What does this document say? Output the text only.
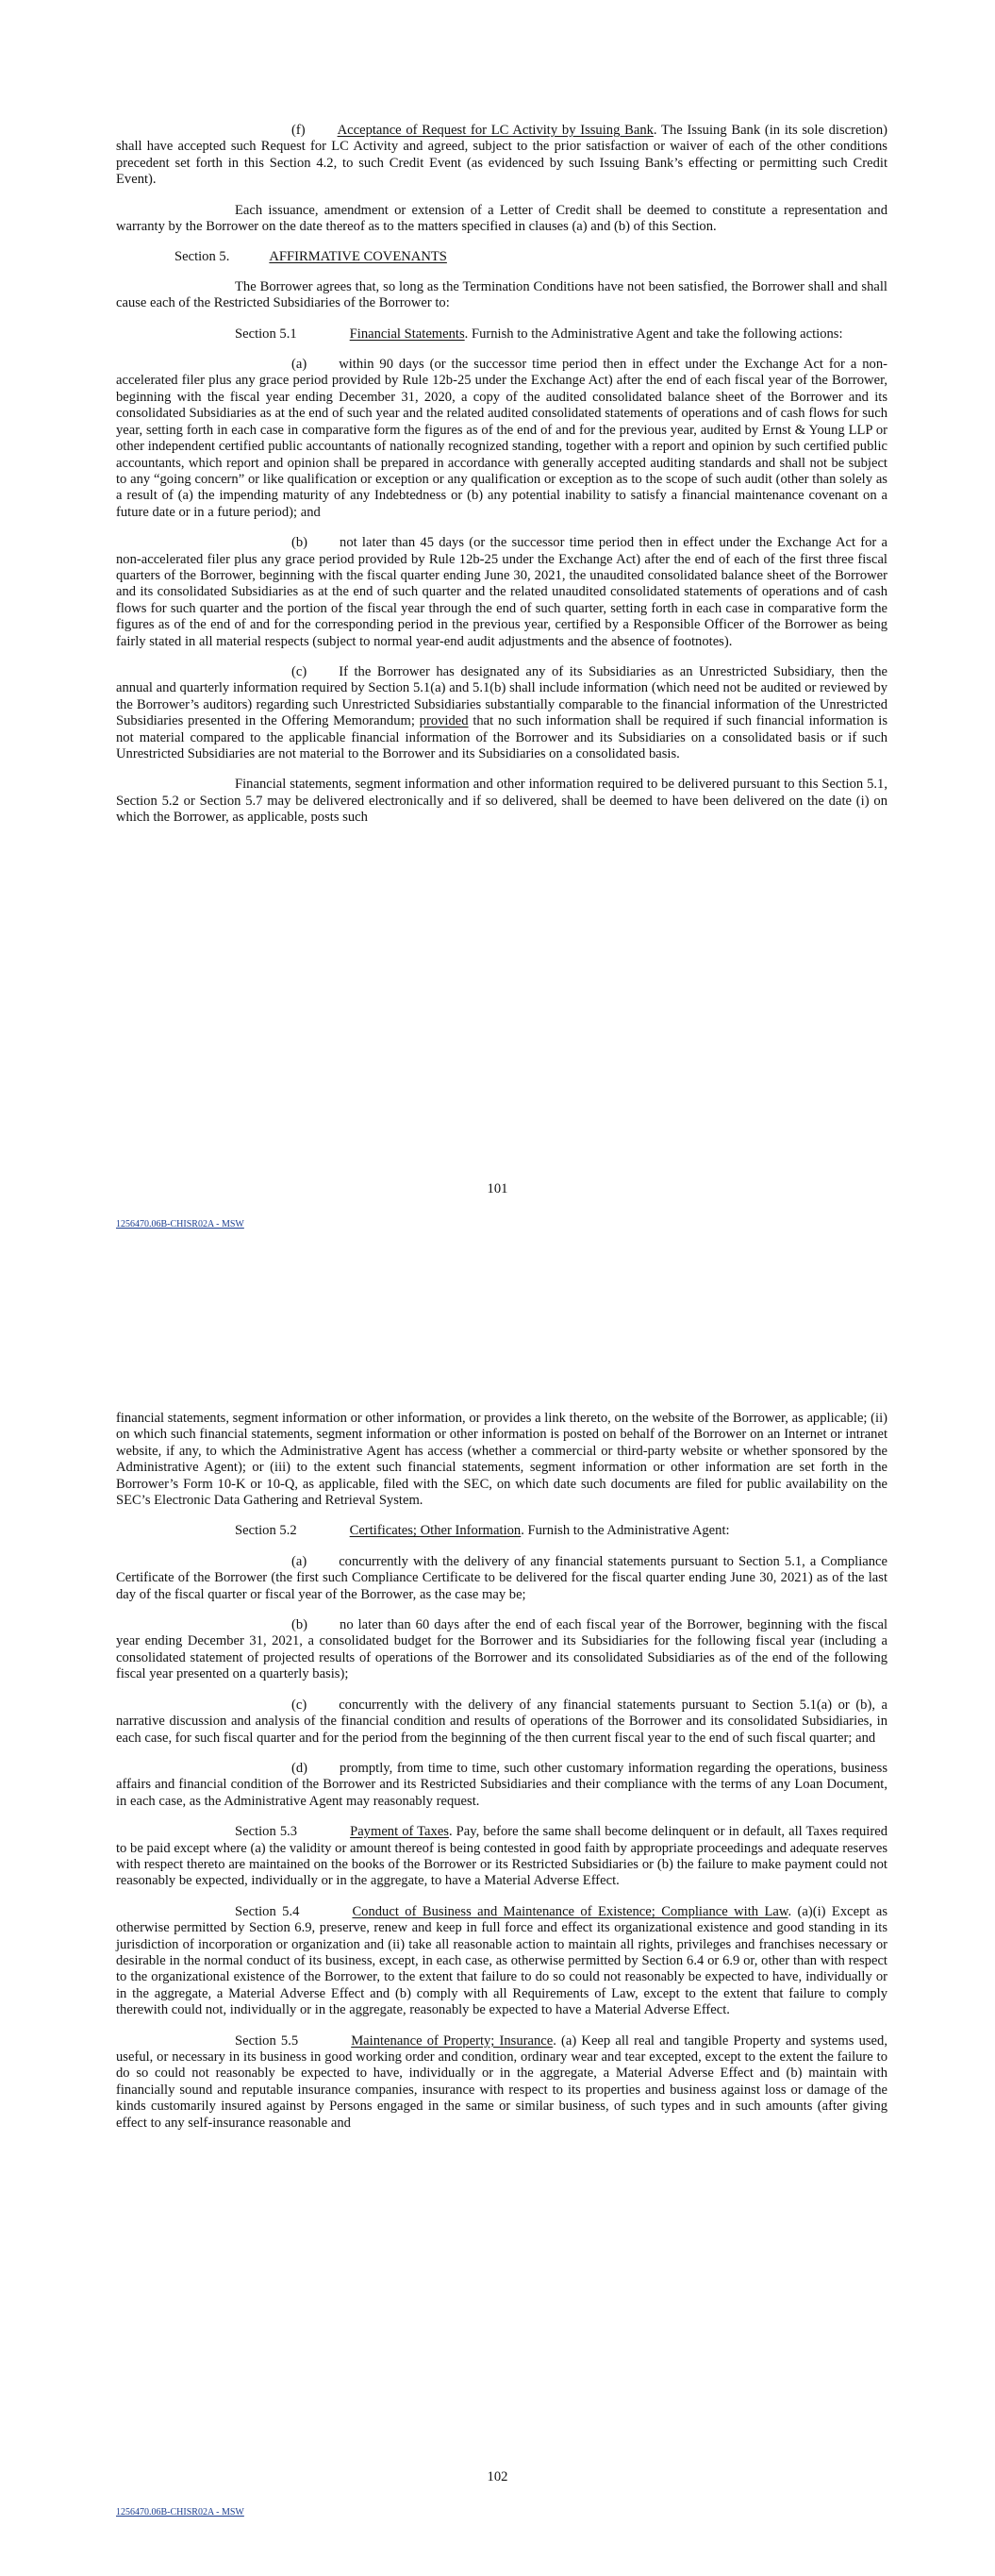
(f) Acceptance of Request for LC Activity by Issuing Bank. The Issuing Bank (in its sole discretion) shall have accepted such Request for LC Activity and agreed, subject to the prior satisfaction or waiver of each of the other conditions precedent set forth in this Section 4.2, to such Credit Event (as evidenced by such Issuing Bank’s effecting or permitting such Credit Event).

Each issuance, amendment or extension of a Letter of Credit shall be deemed to constitute a representation and warranty by the Borrower on the date thereof as to the matters specified in clauses (a) and (b) of this Section.

Section 5.	AFFIRMATIVE COVENANTS

The Borrower agrees that, so long as the Termination Conditions have not been satisfied, the Borrower shall and shall cause each of the Restricted Subsidiaries of the Borrower to:

Section 5.1	Financial Statements. Furnish to the Administrative Agent and take the following actions:

(a) within 90 days (or the successor time period then in effect under the Exchange Act for a non-accelerated filer plus any grace period provided by Rule 12b-25 under the Exchange Act) after the end of each fiscal year of the Borrower, beginning with the fiscal year ending December 31, 2020, a copy of the audited consolidated balance sheet of the Borrower and its consolidated Subsidiaries as at the end of such year and the related audited consolidated statements of operations and of cash flows for such year, setting forth in each case in comparative form the figures as of the end of and for the previous year, audited by Ernst & Young LLP or other independent certified public accountants of nationally recognized standing, together with a report and opinion by such certified public accountants, which report and opinion shall be prepared in accordance with generally accepted auditing standards and shall not be subject to any “going concern” or like qualification or exception or any qualification or exception as to the scope of such audit (other than solely as a result of (a) the impending maturity of any Indebtedness or (b) any potential inability to satisfy a financial maintenance covenant on a future date or in a future period); and

(b) not later than 45 days (or the successor time period then in effect under the Exchange Act for a non-accelerated filer plus any grace period provided by Rule 12b-25 under the Exchange Act) after the end of each of the first three fiscal quarters of the Borrower, beginning with the fiscal quarter ending June 30, 2021, the unaudited consolidated balance sheet of the Borrower and its consolidated Subsidiaries as at the end of such quarter and the related unaudited consolidated statements of operations and of cash flows for such quarter and the portion of the fiscal year through the end of such quarter, setting forth in each case in comparative form the figures as of the end of and for the corresponding period in the previous year, certified by a Responsible Officer of the Borrower as being fairly stated in all material respects (subject to normal year-end audit adjustments and the absence of footnotes).

(c) If the Borrower has designated any of its Subsidiaries as an Unrestricted Subsidiary, then the annual and quarterly information required by Section 5.1(a) and 5.1(b) shall include information (which need not be audited or reviewed by the Borrower’s auditors) regarding such Unrestricted Subsidiaries substantially comparable to the financial information of the Unrestricted Subsidiaries presented in the Offering Memorandum; provided that no such information shall be required if such financial information is not material compared to the applicable financial information of the Borrower and its Subsidiaries on a consolidated basis or if such Unrestricted Subsidiaries are not material to the Borrower and its Subsidiaries on a consolidated basis.

Financial statements, segment information and other information required to be delivered pursuant to this Section 5.1, Section 5.2 or Section 5.7 may be delivered electronically and if so delivered, shall be deemed to have been delivered on the date (i) on which the Borrower, as applicable, posts such

101
1256470.06B-CHISR02A - MSW

financial statements, segment information or other information, or provides a link thereto, on the website of the Borrower, as applicable; (ii) on which such financial statements, segment information or other information is posted on behalf of the Borrower on an Internet or intranet website, if any, to which the Administrative Agent has access (whether a commercial or third-party website or whether sponsored by the Administrative Agent); or (iii) to the extent such financial statements, segment information or other information are set forth in the Borrower’s Form 10-K or 10-Q, as applicable, filed with the SEC, on which date such documents are filed for public availability on the SEC’s Electronic Data Gathering and Retrieval System.

Section 5.2	Certificates; Other Information. Furnish to the Administrative Agent:

(a) concurrently with the delivery of any financial statements pursuant to Section 5.1, a Compliance Certificate of the Borrower (the first such Compliance Certificate to be delivered for the fiscal quarter ending June 30, 2021) as of the last day of the fiscal quarter or fiscal year of the Borrower, as the case may be;

(b) no later than 60 days after the end of each fiscal year of the Borrower, beginning with the fiscal year ending December 31, 2021, a consolidated budget for the Borrower and its Subsidiaries for the following fiscal year (including a consolidated statement of projected results of operations of the Borrower and its consolidated Subsidiaries as of the end of the following fiscal year presented on a quarterly basis);

(c) concurrently with the delivery of any financial statements pursuant to Section 5.1(a) or (b), a narrative discussion and analysis of the financial condition and results of operations of the Borrower and its consolidated Subsidiaries, in each case, for such fiscal quarter and for the period from the beginning of the then current fiscal year to the end of such fiscal quarter; and

(d) promptly, from time to time, such other customary information regarding the operations, business affairs and financial condition of the Borrower and its Restricted Subsidiaries and their compliance with the terms of any Loan Document, in each case, as the Administrative Agent may reasonably request.

Section 5.3	Payment of Taxes. Pay, before the same shall become delinquent or in default, all Taxes required to be paid except where (a) the validity or amount thereof is being contested in good faith by appropriate proceedings and adequate reserves with respect thereto are maintained on the books of the Borrower or its Restricted Subsidiaries or (b) the failure to make payment could not reasonably be expected, individually or in the aggregate, to have a Material Adverse Effect.

Section 5.4	Conduct of Business and Maintenance of Existence; Compliance with Law. (a)(i) Except as otherwise permitted by Section 6.9, preserve, renew and keep in full force and effect its organizational existence and good standing in its jurisdiction of incorporation or organization and (ii) take all reasonable action to maintain all rights, privileges and franchises necessary or desirable in the normal conduct of its business, except, in each case, as otherwise permitted by Section 6.4 or 6.9 or, other than with respect to the organizational existence of the Borrower, to the extent that failure to do so could not reasonably be expected to have, individually or in the aggregate, a Material Adverse Effect and (b) comply with all Requirements of Law, except to the extent that failure to comply therewith could not, individually or in the aggregate, reasonably be expected to have a Material Adverse Effect.

Section 5.5	Maintenance of Property; Insurance. (a) Keep all real and tangible Property and systems used, useful, or necessary in its business in good working order and condition, ordinary wear and tear excepted, except to the extent the failure to do so could not reasonably be expected to have, individually or in the aggregate, a Material Adverse Effect and (b) maintain with financially sound and reputable insurance companies, insurance with respect to its properties and business against loss or damage of the kinds customarily insured against by Persons engaged in the same or similar business, of such types and in such amounts (after giving effect to any self-insurance reasonable and

102
1256470.06B-CHISR02A - MSW
